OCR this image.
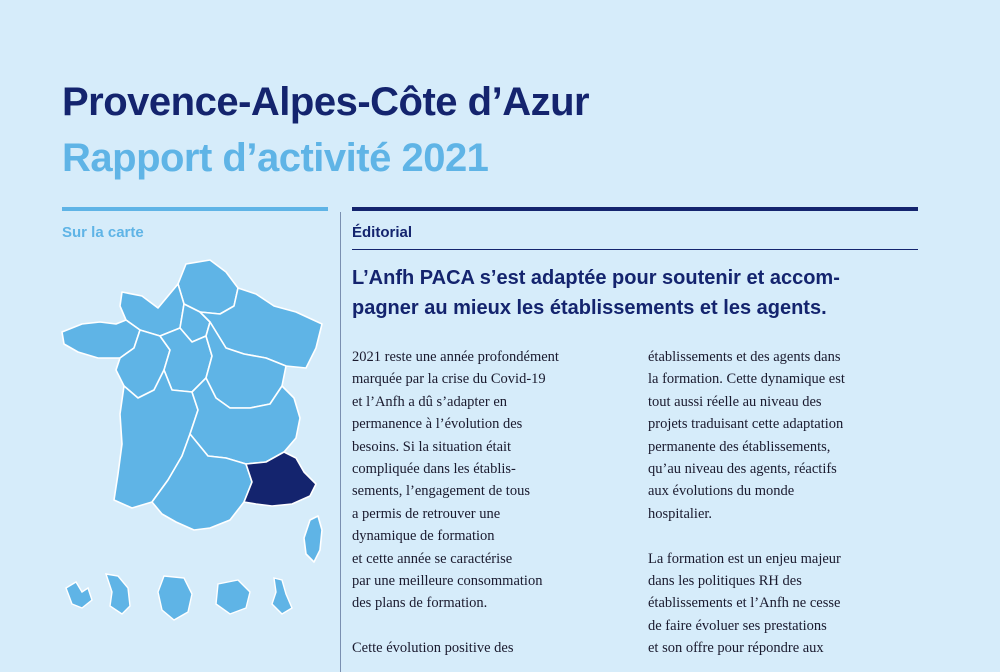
Provence-Alpes-Côte d’Azur
Rapport d’activité 2021
Sur la carte	Éditorial

L’Anfh PACA s’est adaptée pour soutenir et accom-
pagner au mieux les établissements et les agents.

2021 reste une année profondément
marquée par la crise du Covid-19
et l’Anfh a dû s’adapter en
permanence à l’évolution des
besoins. Si la situation était
compliquée dans les établis-
sements, l’engagement de tous
a permis de retrouver une
dynamique de formation
et cette année se caractérise
par une meilleure consommation
des plans de formation.
Cette évolution positive des

établissements et des agents dans
la formation. Cette dynamique est
tout aussi réelle au niveau des
projets traduisant cette adaptation
permanente des établissements,
qu’au niveau des agents, réactifs
aux évolutions du monde
hospitalier.
La formation est un enjeu majeur
dans les politiques RH des
établissements et l’Anfh ne cesse
de faire évoluer ses prestations
et son offre pour répondre aux
